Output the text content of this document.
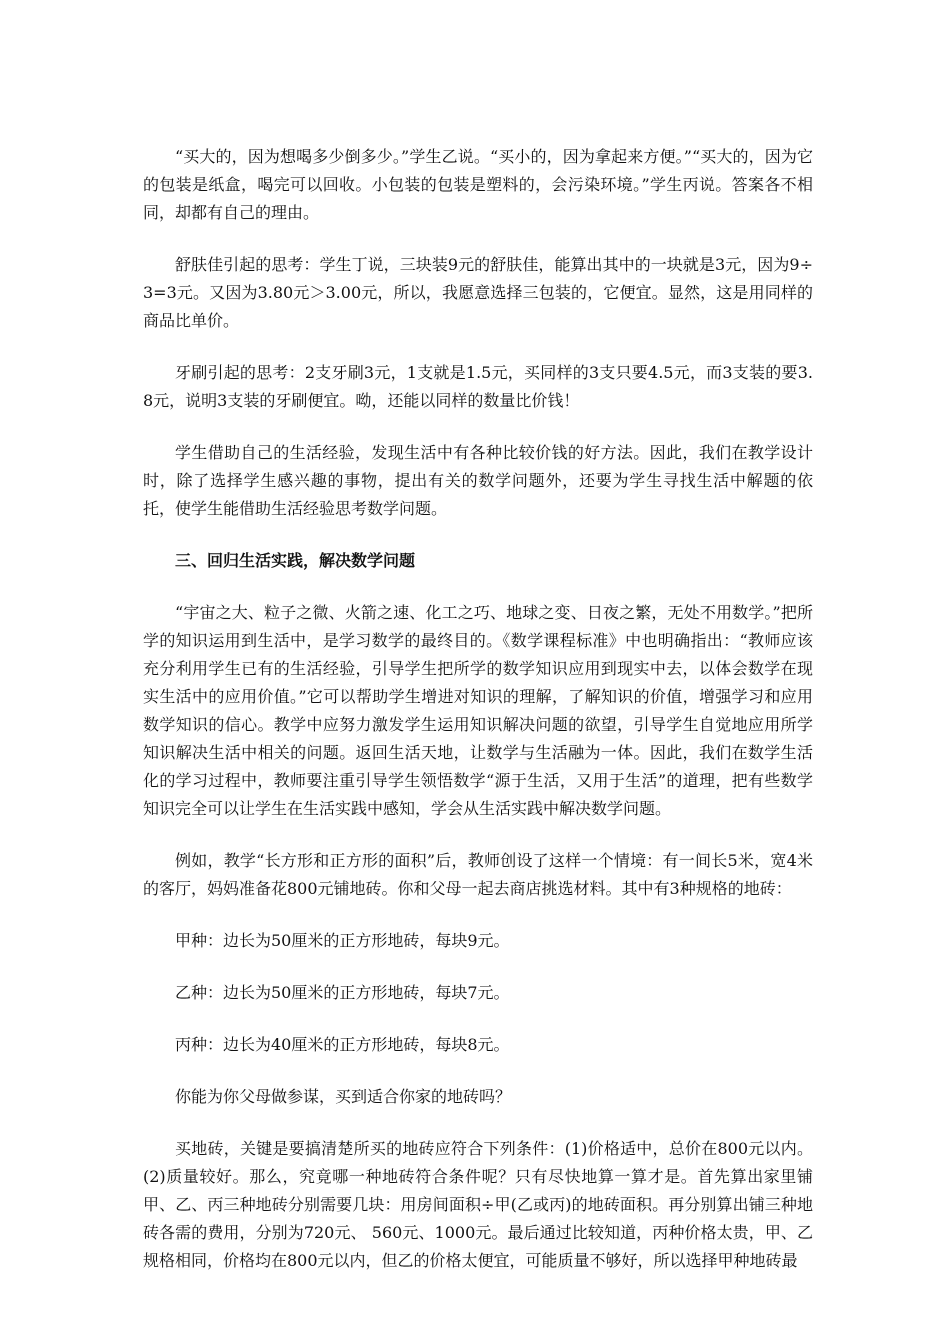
“买大的，因为想喝多少倒多少。”学生乙说。“买小的，因为拿起来方便。”“买大的，因为它的包装是纸盒，喝完可以回收。小包装的包装是塑料的，会污染环境。”学生丙说。答案各不相同，却都有自己的理由。

舒肤佳引起的思考：学生丁说，三块装9元的舒肤佳，能算出其中的一块就是3元，因为9÷3=3元。又因为3.80元＞3.00元，所以，我愿意选择三包装的，它便宜。显然，这是用同样的商品比单价。

牙刷引起的思考：2支牙刷3元，1支就是1.5元，买同样的3支只要4.5元，而3支装的要3.8元，说明3支装的牙刷便宜。呦，还能以同样的数量比价钱！

学生借助自己的生活经验，发现生活中有各种比较价钱的好方法。因此，我们在教学设计时，除了选择学生感兴趣的事物，提出有关的数学问题外，还要为学生寻找生活中解题的依托，使学生能借助生活经验思考数学问题。

三、回归生活实践，解决数学问题

“宇宙之大、粒子之微、火箭之速、化工之巧、地球之变、日夜之繁，无处不用数学。”把所学的知识运用到生活中，是学习数学的最终目的。《数学课程标准》中也明确指出：“教师应该充分利用学生已有的生活经验，引导学生把所学的数学知识应用到现实中去，以体会数学在现实生活中的应用价值。”它可以帮助学生增进对知识的理解，了解知识的价值，增强学习和应用数学知识的信心。教学中应努力激发学生运用知识解决问题的欲望，引导学生自觉地应用所学知识解决生活中相关的问题。返回生活天地，让数学与生活融为一体。因此，我们在数学生活化的学习过程中，教师要注重引导学生领悟数学“源于生活，又用于生活”的道理，把有些数学知识完全可以让学生在生活实践中感知，学会从生活实践中解决数学问题。

例如，教学“长方形和正方形的面积”后，教师创设了这样一个情境：有一间长5米，宽4米的客厅，妈妈准备花800元铺地砖。你和父母一起去商店挑选材料。其中有3种规格的地砖：

甲种：边长为50厘米的正方形地砖，每块9元。

乙种：边长为50厘米的正方形地砖，每块7元。

丙种：边长为40厘米的正方形地砖，每块8元。

你能为你父母做参谋，买到适合你家的地砖吗？

买地砖，关键是要搞清楚所买的地砖应符合下列条件：(1)价格适中，总价在800元以内。(2)质量较好。那么，究竟哪一种地砖符合条件呢？只有尽快地算一算才是。首先算出家里铺甲、乙、丙三种地砖分别需要几块：用房间面积÷甲(乙或丙)的地砖面积。再分别算出铺三种地砖各需的费用，分别为720元、 560元、1000元。最后通过比较知道，丙种价格太贵，甲、乙规格相同，价格均在800元以内，但乙的价格太便宜，可能质量不够好，所以选择甲种地砖最
